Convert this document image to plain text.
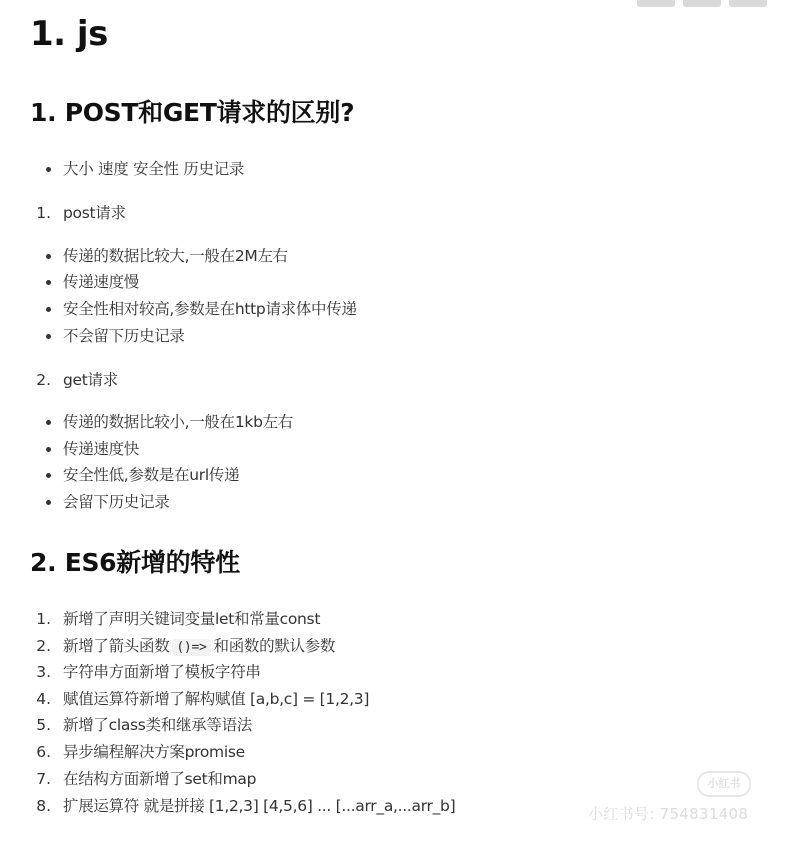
1. js
1. POST和GET请求的区别?
大小 速度 安全性 历史记录
1. post请求
传递的数据比较大,一般在2M左右
传递速度慢
安全性相对较高,参数是在http请求体中传递
不会留下历史记录
2. get请求
传递的数据比较小,一般在1kb左右
传递速度快
安全性低,参数是在url传递
会留下历史记录
2. ES6新增的特性
1. 新增了声明关键词变量let和常量const
2. 新增了箭头函数 ()=> 和函数的默认参数
3. 字符串方面新增了模板字符串
4. 赋值运算符新增了解构赋值 [a,b,c] = [1,2,3]
5. 新增了class类和继承等语法
6. 异步编程解决方案promise
7. 在结构方面新增了set和map
8. 扩展运算符 就是拼接 [1,2,3] [4,5,6] ... [...arr_a,...arr_b]
小红书
小红书号: 754831408
